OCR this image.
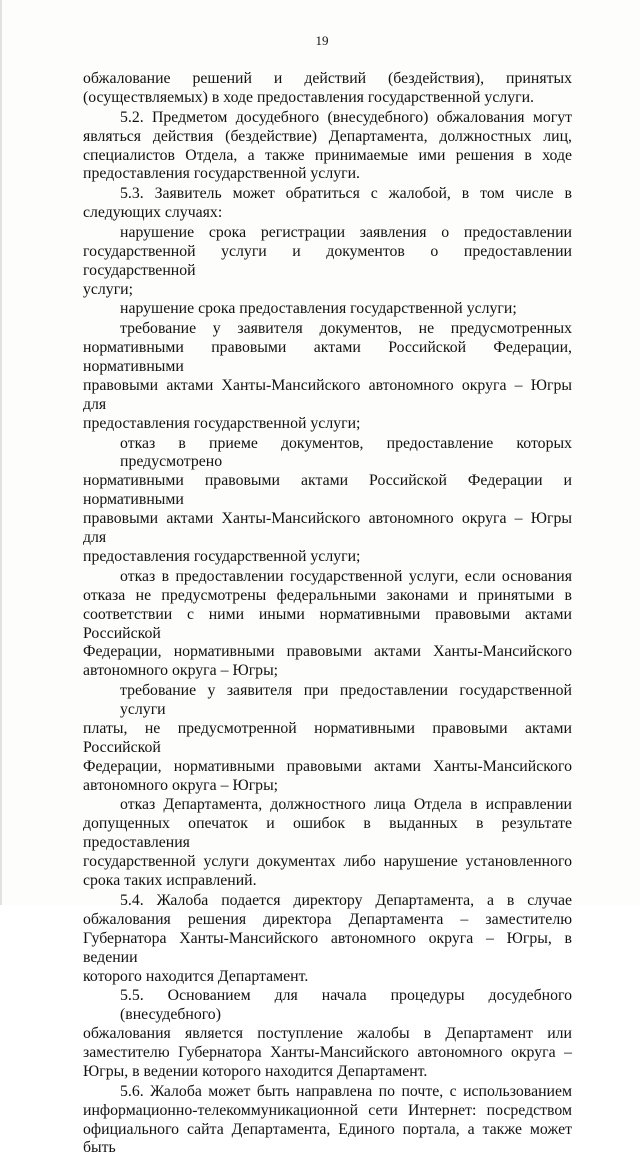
19
обжалование решений и действий (бездействия), принятых
(осуществляемых) в ходе предоставления государственной услуги.
5.2. Предметом досудебного (внесудебного) обжалования могут
являться действия (бездействие) Департамента, должностных лиц,
специалистов Отдела, а также принимаемые ими решения в ходе
предоставления государственной услуги.
5.3. Заявитель может обратиться с жалобой, в том числе в
следующих случаях:
нарушение срока регистрации заявления о предоставлении
государственной услуги и документов о предоставлении государственной
услуги;
нарушение срока предоставления государственной услуги;
требование у заявителя документов, не предусмотренных
нормативными правовыми актами Российской Федерации, нормативными
правовыми актами Ханты-Мансийского автономного округа – Югры для
предоставления государственной услуги;
отказ в приеме документов, предоставление которых предусмотрено
нормативными правовыми актами Российской Федерации и нормативными
правовыми актами Ханты-Мансийского автономного округа – Югры для
предоставления государственной услуги;
отказ в предоставлении государственной услуги, если основания
отказа не предусмотрены федеральными законами и принятыми в
соответствии с ними иными нормативными правовыми актами Российской
Федерации, нормативными правовыми актами Ханты-Мансийского
автономного округа – Югры;
требование у заявителя при предоставлении государственной услуги
платы, не предусмотренной нормативными правовыми актами Российской
Федерации, нормативными правовыми актами Ханты-Мансийского
автономного округа – Югры;
отказ Департамента, должностного лица Отдела в исправлении
допущенных опечаток и ошибок в выданных в результате предоставления
государственной услуги документах либо нарушение установленного
срока таких исправлений.
5.4. Жалоба подается директору Департамента, а в случае
обжалования решения директора Департамента – заместителю
Губернатора Ханты-Мансийского автономного округа – Югры, в ведении
которого находится Департамент.
5.5. Основанием для начала процедуры досудебного (внесудебного)
обжалования является поступление жалобы в Департамент или
заместителю Губернатора Ханты-Мансийского автономного округа –
Югры, в ведении которого находится Департамент.
5.6. Жалоба может быть направлена по почте, с использованием
информационно-телекоммуникационной сети Интернет: посредством
официального сайта Департамента, Единого портала, а также может быть
